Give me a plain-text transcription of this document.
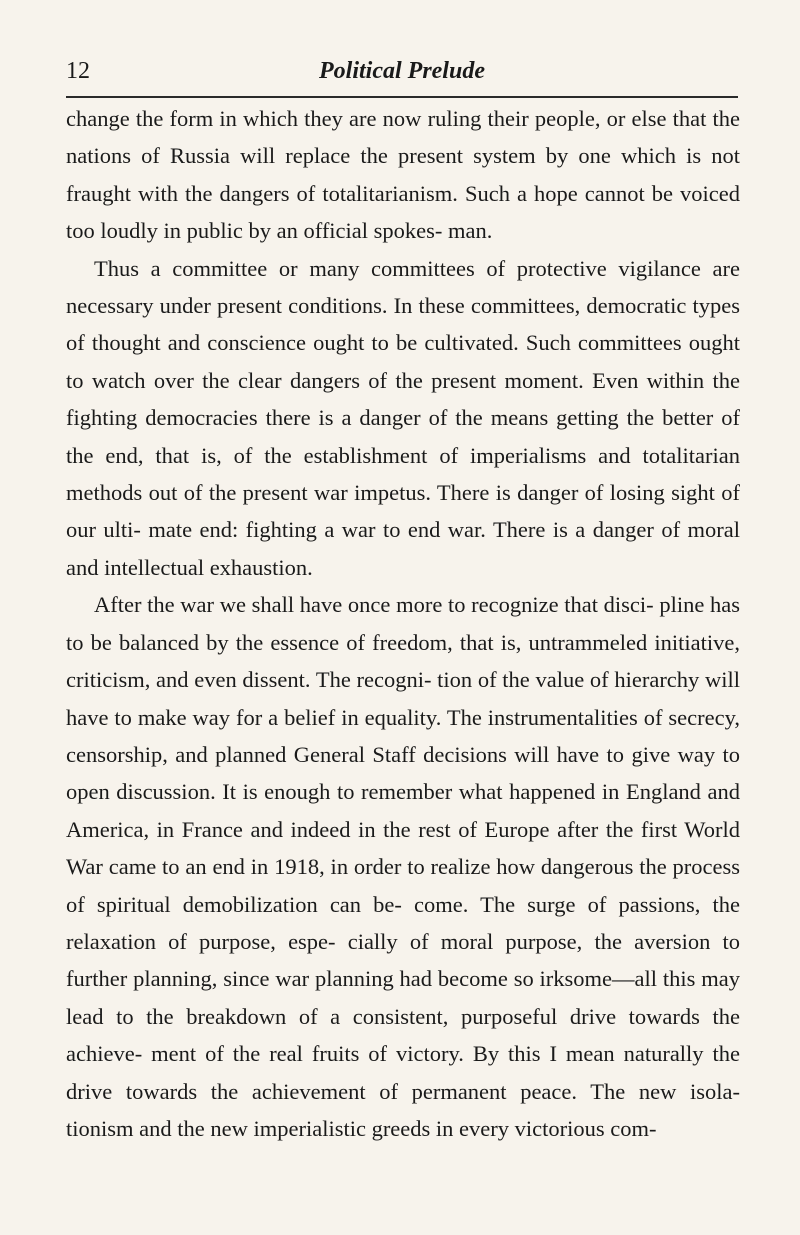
12	Political Prelude

change the form in which they are now ruling their people, or else that the nations of Russia will replace the present system by one which is not fraught with the dangers of totalitarianism. Such a hope cannot be voiced too loudly in public by an official spokes- man.

Thus a committee or many committees of protective vigilance are necessary under present conditions. In these committees, democratic types of thought and conscience ought to be cultivated. Such committees ought to watch over the clear dangers of the present moment. Even within the fighting democracies there is a danger of the means getting the better of the end, that is, of the establishment of imperialisms and totalitarian methods out of the present war impetus. There is danger of losing sight of our ulti- mate end: fighting a war to end war. There is a danger of moral and intellectual exhaustion.

After the war we shall have once more to recognize that disci- pline has to be balanced by the essence of freedom, that is, untrammeled initiative, criticism, and even dissent. The recogni- tion of the value of hierarchy will have to make way for a belief in equality. The instrumentalities of secrecy, censorship, and planned General Staff decisions will have to give way to open discussion. It is enough to remember what happened in England and America, in France and indeed in the rest of Europe after the first World War came to an end in 1918, in order to realize how dangerous the process of spiritual demobilization can be- come. The surge of passions, the relaxation of purpose, espe- cially of moral purpose, the aversion to further planning, since war planning had become so irksome—all this may lead to the breakdown of a consistent, purposeful drive towards the achieve- ment of the real fruits of victory. By this I mean naturally the drive towards the achievement of permanent peace. The new isola- tionism and the new imperialistic greeds in every victorious com-
